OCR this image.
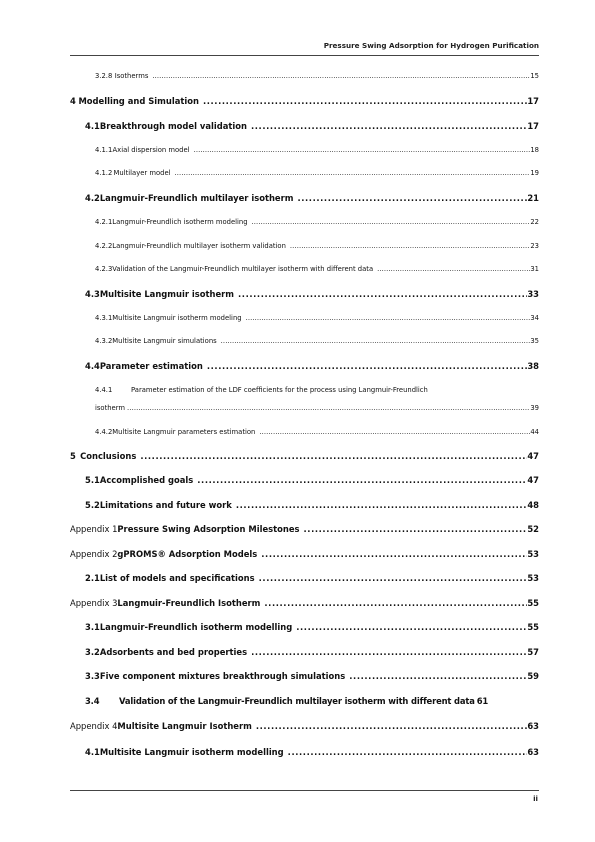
Pressure Swing Adsorption for Hydrogen Purification
3.2.8 Isotherms .....	15
4 Modelling and Simulation .....	17
4.1 Breakthrough model validation .....	17
4.1.1 Axial dispersion model .....	18
4.1.2 Multilayer model .....	19
4.2 Langmuir-Freundlich multilayer isotherm .....	21
4.2.1 Langmuir-Freundlich isotherm modeling .....	22
4.2.2 Langmuir-Freundlich multilayer isotherm validation .....	23
4.2.3 Validation of the Langmuir-Freundlich multilayer isotherm with different data .....	31
4.3 Multisite Langmuir isotherm .....	33
4.3.1 Multisite Langmuir isotherm modeling .....	34
4.3.2 Multisite Langmuir simulations .....	35
4.4 Parameter estimation .....	38
4.4.1	Parameter estimation of the LDF coefficients for the process using Langmuir-Freundlich
isotherm .....	39
4.4.2 Multisite Langmuir parameters estimation .....	44
5 Conclusions .....	47
5.1 Accomplished goals .....	47
5.2 Limitations and future work .....	48
Appendix 1 Pressure Swing Adsorption Milestones .....	52
Appendix 2 gPROMS® Adsorption Models .....	53
2.1 List of models and specifications .....	53
Appendix 3 Langmuir-Freundlich Isotherm .....	55
3.1 Langmuir-Freundlich isotherm modelling .....	55
3.2 Adsorbents and bed properties .....	57
3.3 Five component mixtures breakthrough simulations .....	59
3.4	Validation of the Langmuir-Freundlich multilayer isotherm with different data 61
Appendix 4 Multisite Langmuir Isotherm .....	63
4.1 Multisite Langmuir isotherm modelling .....	63
ii
